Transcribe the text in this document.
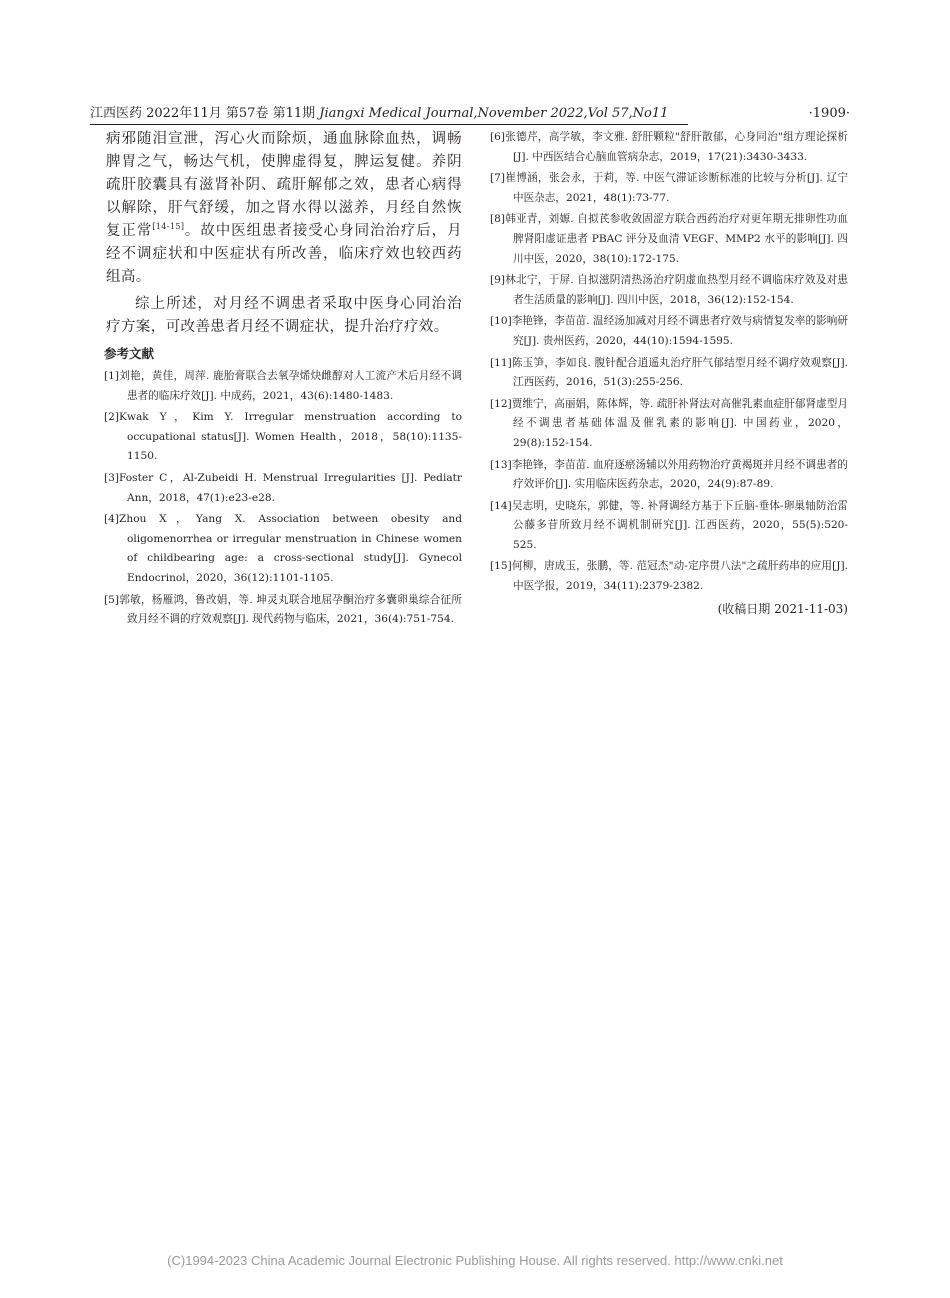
江西医药 2022年11月 第57卷 第11期 Jiangxi Medical Journal,November 2022,Vol 57,No11	·1909·

病邪随泪宣泄，泻心火而除烦，通血脉除血热，调畅脾胃之气，畅达气机，使脾虚得复，脾运复健。养阴疏肝胶囊具有滋肾补阴、疏肝解郁之效，患者心病得以解除，肝气舒缓，加之肾水得以滋养，月经自然恢复正常[14-15]。故中医组患者接受心身同治治疗后，月经不调症状和中医症状有所改善，临床疗效也较西药组高。

综上所述，对月经不调患者采取中医身心同治治疗方案，可改善患者月经不调症状，提升治疗疗效。

参考文献
[1]刘艳，黄佳，周萍. 鹿胎膏联合去氧孕烯炔雌醇对人工流产术后月经不调患者的临床疗效[J]. 中成药，2021，43(6):1480-1483.
[2]Kwak Y，Kim Y. Irregular menstruation according to occupational status[J]. Women Health，2018，58(10):1135-1150.
[3]Foster C，Al-Zubeidi H. Menstrual Irregularities [J]. Pediatr Ann，2018，47(1):e23-e28.
[4]Zhou X，Yang X. Association between obesity and oligomenorrhea or irregular menstruation in Chinese women of childbearing age: a cross-sectional study[J]. Gynecol Endocrinol，2020，36(12):1101-1105.
[5]郭敏，杨雁鸿，鲁改娟，等. 坤灵丸联合地屈孕酮治疗多囊卵巢综合征所致月经不调的疗效观察[J]. 现代药物与临床，2021，36(4):751-754.
[6]张德芹，高学敏，李文雅. 舒肝颗粒"舒肝散郁，心身同治"组方理论探析[J]. 中西医结合心脑血管病杂志，2019，17(21):3430-3433.
[7]崔博涵，张会永，于莉，等. 中医气滞证诊断标准的比较与分析[J]. 辽宁中医杂志，2021，48(1):73-77.
[8]韩亚青，刘嫄. 自拟芪参收敛固涩方联合西药治疗对更年期无排卵性功血脾肾阳虚证患者 PBAC 评分及血清 VEGF、MMP2 水平的影响[J]. 四川中医，2020，38(10):172-175.
[9]林北宁，于屏. 自拟滋阴清热汤治疗阴虚血热型月经不调临床疗效及对患者生活质量的影响[J]. 四川中医，2018，36(12):152-154.
[10]李艳锋，李苗苗. 温经汤加减对月经不调患者疗效与病情复发率的影响研究[J]. 贵州医药，2020，44(10):1594-1595.
[11]陈玉笋，李如良. 腹针配合逍遥丸治疗肝气郁结型月经不调疗效观察[J]. 江西医药，2016，51(3):255-256.
[12]贾维宁，高丽娟，陈体辉，等. 疏肝补肾法对高催乳素血症肝郁肾虚型月经不调患者基础体温及催乳素的影响[J]. 中国药业，2020，29(8):152-154.
[13]李艳锋，李苗苗. 血府逐瘀汤辅以外用药物治疗黄褐斑并月经不调患者的疗效评价[J]. 实用临床医药杂志，2020，24(9):87-89.
[14]吴志明，史晓东，郭健，等. 补肾调经方基于下丘脑-垂体-卵巢轴防治雷公藤多苷所致月经不调机制研究[J]. 江西医药，2020，55(5):520-525.
[15]何柳，唐成玉，张鹏，等. 范冠杰"动-定序贯八法"之疏肝药串的应用[J]. 中医学报，2019，34(11):2379-2382.
(收稿日期 2021-11-03)
(C)1994-2023 China Academic Journal Electronic Publishing House. All rights reserved. http://www.cnki.net
